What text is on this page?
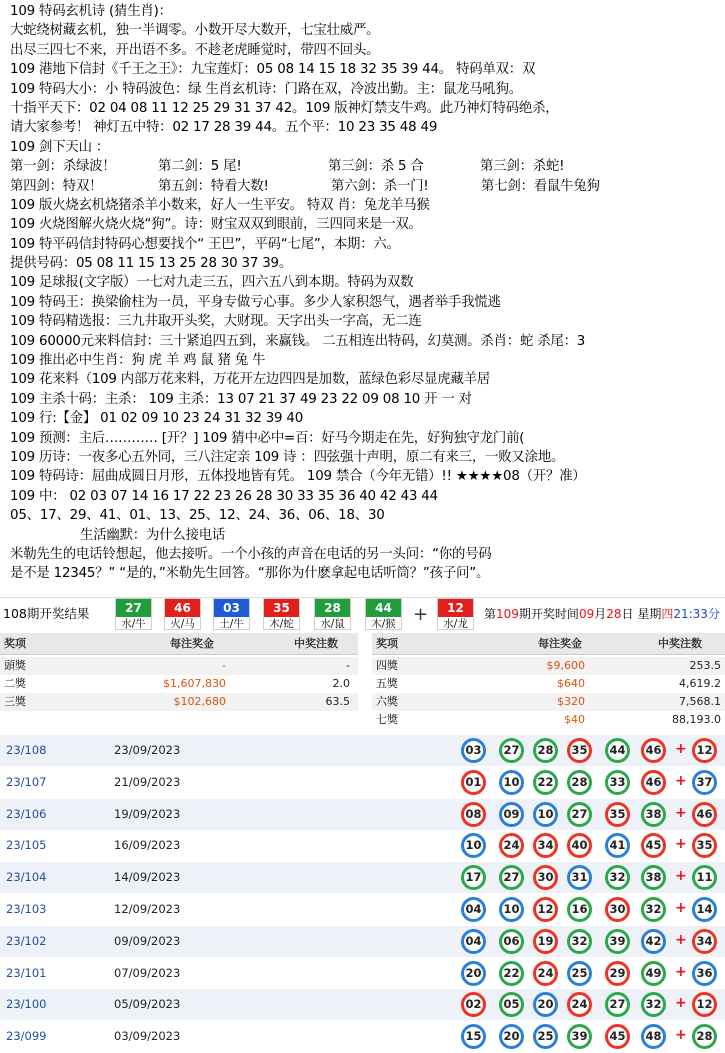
109 特码玄机诗 (猜生肖)：
大蛇绕树藏玄机，独一半调零。小数开尽大数开，七宝壮威严。
出尽三四七不来，开出语不多。不趁老虎睡觉时，带四不回头。
109 港地下信封《千王之王》：九宝莲灯：05 08 14 15 18 32 35 39 44。 特码单双：双
109 特码大小：小 特码波色：绿 生肖玄机诗：门路在双，冷波出勤。主：鼠龙马吼狗。
十指平天下：02 04 08 11 12 25 29 31 37 42。109 版神灯禁支牛鸡。此乃神灯特码绝杀，
请大家参考！ 神灯五中特：02 17 28 39 44。五个平：10 23 35 48 49
109 剑下天山 ：
第一剑：杀绿波！	第二剑：5 尾!	第三剑：杀 5 合	第三剑：杀蛇!
第四剑：特双！	第五剑：特看大数!	第六剑：杀一门!	第七剑：看鼠牛兔狗
109 版火烧玄机烧猪杀羊小数来，好人一生平安。 特双 肖：兔龙羊马猴
109 火烧图解火烧火烧“狗”。诗：财宝双双到眼前，三四同来是一双。
109 特平码信封特码心想要找个“ 王巴”，平码“七尾”，本期：六。
提供号码：05 08 11 15 13 25 28 30 37 39。
109 足球报(文字版）一七对九走三五，四六五八到本期。特码为双数
109 特码王：换梁偷柱为一员，平身专做亏心事。多少人家积怨气，遇者举手我慌逃
109 特码精选报：三九井取开头奖，大财现。天字出头一字高，无二连
109 60000元来料信封：三十紧追四五到，来赢钱。 二五相连出特码，幻莫测。杀肖：蛇 杀尾：3
109 推出必中生肖：狗 虎 羊 鸡 鼠 猪 兔 牛
109 花来料（109 内部万花来料，万花开左边四四是加数，蓝绿色彩尽显虎藏羊居
109 主杀十码：主杀： 109 主杀：13 07 21 37 49 23 22 09 08 10 开 一 对
109 行:【金】 01 02 09 10 23 24 31 32 39 40
109 预测：主后………… [开？] 109 猜中必中=百：好马今期走在先，好狗独守龙门前(
109 历诗：一夜多心五外同，三八注定亲 109 诗 ：四弦强十声明，原二有来三，一败又涂地。
109 特码诗：屈曲成圆日月形，五体投地皆有凭。 109 禁合（今年无错）!! ★★★★08（开？准）
109 中： 02 03 07 14 16 17 22 23 26 28 30 33 35 36 40 42 43 44
05、17、29、41、01、13、25、12、24、36、06、18、30
生活幽默：为什么接电话
米勒先生的电话铃想起，他去接听。一个小孩的声音在电话的另一头问：“你的号码
是不是 12345？” “是的，”米勒先生回答。“那你为什麽拿起电话听筒？”孩子问”。
108期开奖结果	27
水/牛
46
火/马
03
土/牛
35
木/蛇
28
水/鼠
44
木/猴
12
水/龙
+	第109期开奖时间09月28日 星期四21:33分
奖项	每注奖金	中奖注数	奖项	每注奖金	中奖注数
頭獎	-	-
二獎	$1,607,830	2.0
三獎	$102,680	63.5
四獎	$9,600	253.5
五獎	$640	4,619.2
六獎	$320	7,568.1
七獎	$40	88,193.0
23/108	23/09/2023	03	27	28	35	44	46 + 12
23/107	21/09/2023	01	10	22	28	33	46 + 37
23/106	19/09/2023	08	09	10	27	35	38 + 46
23/105	16/09/2023	10	24	34	40	41	45 + 35
23/104	14/09/2023	17	27	30	31	32	38 + 11
23/103	12/09/2023	04	10	12	16	30	32 + 14
23/102	09/09/2023	04	06	19	32	39	42 + 34
23/101	07/09/2023	20	22	24	25	29	49 + 36
23/100	05/09/2023	02	05	20	24	27	32 + 12
23/099	03/09/2023	15	20	25	39	45	48 + 28
